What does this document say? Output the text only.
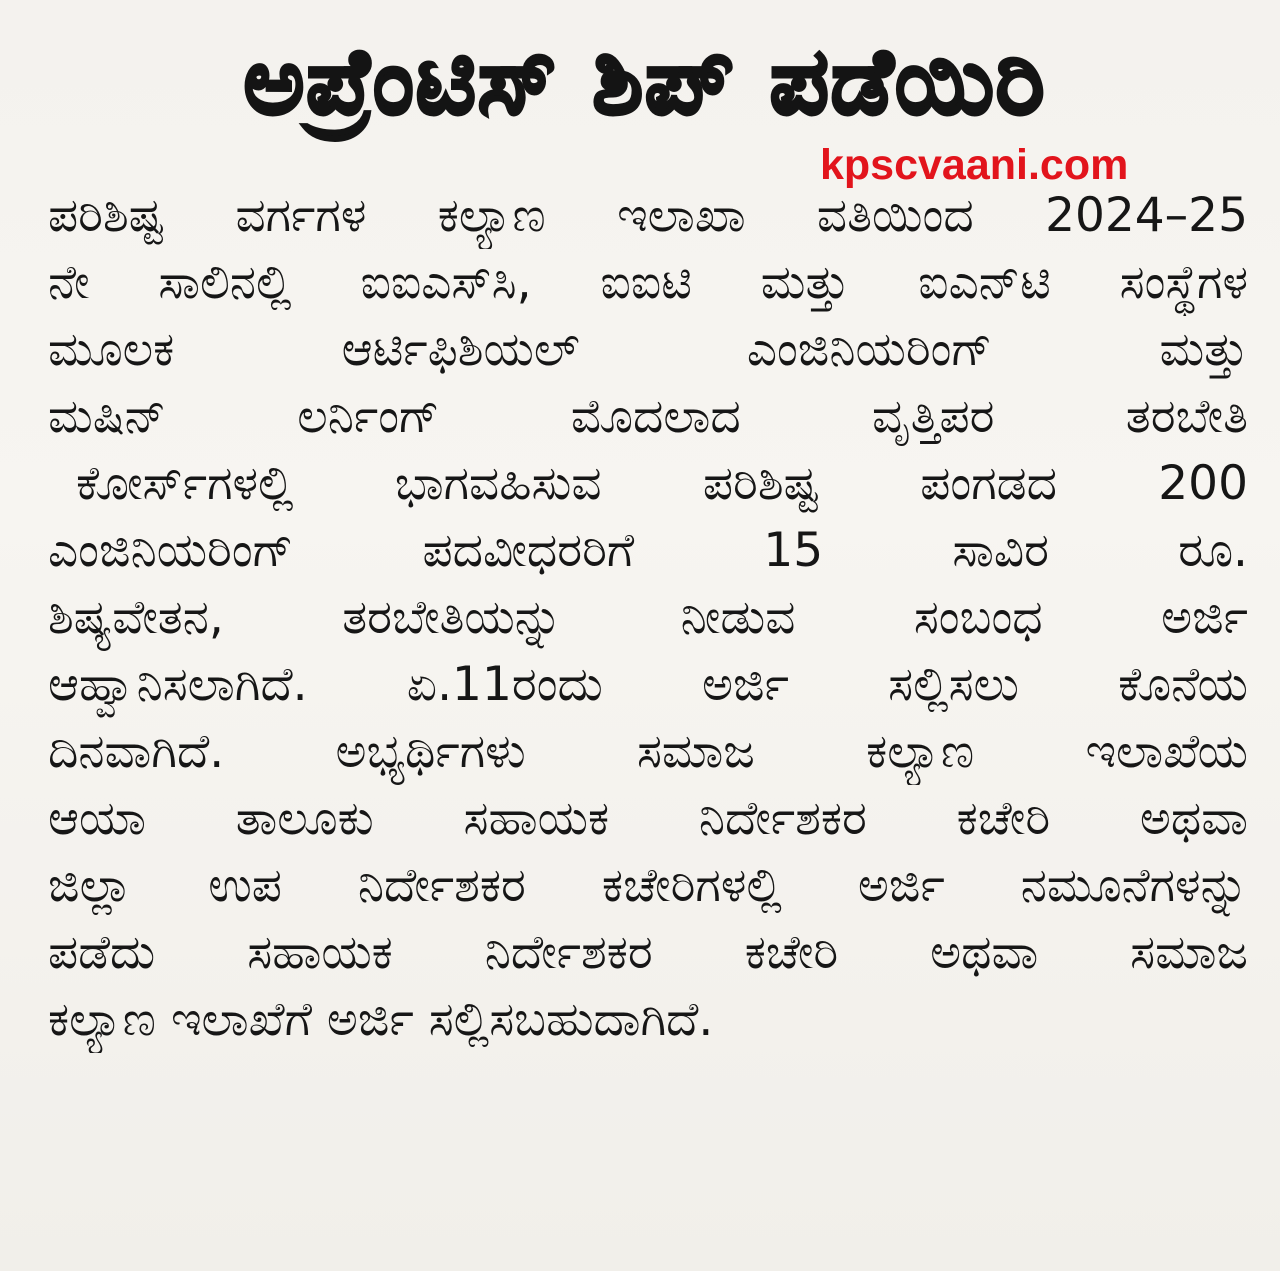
ಅಪ್ರೆಂಟಿಸ್ ಶಿಪ್ ಪಡೆಯಿರಿ
kpscvaani.com
ಪರಿಶಿಷ್ಟ ವರ್ಗಗಳ ಕಲ್ಯಾಣ ಇಲಾಖಾ ವತಿಯಿಂದ 2024–25
ನೇ ಸಾಲಿನಲ್ಲಿ ಐಐಎಸ್‌ಸಿ, ಐಐಟಿ ಮತ್ತು ಐಎನ್‌ಟಿ ಸಂಸ್ಥೆಗಳ
ಮೂಲಕ ಆರ್ಟಿಫಿಶಿಯಲ್ ಎಂಜಿನಿಯರಿಂಗ್ ಮತ್ತು
ಮಷಿನ್ ಲರ್ನಿಂಗ್ ಮೊದಲಾದ ವೃತ್ತಿಪರ ತರಬೇತಿ
ಕೋರ್ಸ್‌ಗಳಲ್ಲಿ ಭಾಗವಹಿಸುವ ಪರಿಶಿಷ್ಟ ಪಂಗಡದ 200
ಎಂಜಿನಿಯರಿಂಗ್ ಪದವೀಧರರಿಗೆ 15 ಸಾವಿರ ರೂ.
ಶಿಷ್ಯವೇತನ, ತರಬೇತಿಯನ್ನು ನೀಡುವ ಸಂಬಂಧ ಅರ್ಜಿ
ಆಹ್ವಾನಿಸಲಾಗಿದೆ. ಏ.11ರಂದು ಅರ್ಜಿ ಸಲ್ಲಿಸಲು ಕೊನೆಯ
ದಿನವಾಗಿದೆ. ಅಭ್ಯರ್ಥಿಗಳು ಸಮಾಜ ಕಲ್ಯಾಣ ಇಲಾಖೆಯ
ಆಯಾ ತಾಲೂಕು ಸಹಾಯಕ ನಿರ್ದೇಶಕರ ಕಚೇರಿ ಅಥವಾ
ಜಿಲ್ಲಾ ಉಪ ನಿರ್ದೇಶಕರ ಕಚೇರಿಗಳಲ್ಲಿ ಅರ್ಜಿ ನಮೂನೆಗಳನ್ನು
ಪಡೆದು ಸಹಾಯಕ ನಿರ್ದೇಶಕರ ಕಚೇರಿ ಅಥವಾ ಸಮಾಜ
ಕಲ್ಯಾಣ ಇಲಾಖೆಗೆ ಅರ್ಜಿ ಸಲ್ಲಿಸಬಹುದಾಗಿದೆ.
